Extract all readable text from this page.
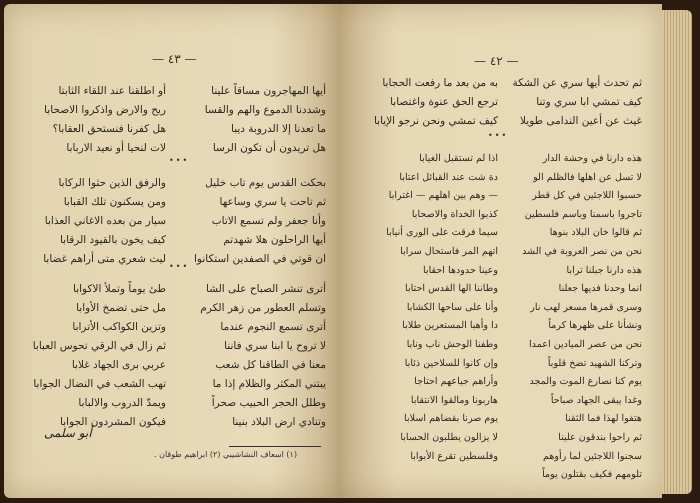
— ٤٣ —
أيها المهاجرون مساقاً علينا
وشددنا الدموع والهم والقسا
ما تعدنا إلا الدروبة ديبا
هل تريدون أن تكون الرسا
أو اطلقنا عند اللقاء الثابتا
ريح والارض واذكروا الاصحابا
هل كفرنا فنستحق العقابا؟
لات لنحيا أو نعيد الاربابا
•••
بحكت القدس يوم تاب خليل
ثم تاحت يا سري وساعها
وأنا جعفر ولم تسمع الاتاب
أيها الراحلون هلا شهدتم
ان قوتي في الصفدين استكانوا
والرفق الذين حثوا الركابا
ومن يسكنون تلك القبابا
سيار من بعده الاغاني العذابا
كيف يخون بالقيود الرقابا
ليت شعري متى أراهم غضابا
•••
أترى تنشر الصباح على الشا
وتسلم العطور من زهر الكرم
أترى تسمع النجوم عندما
لا تروح يا ابنا سري فاننا
معنا في الطاقنا كل شعب
يبتني المكثر والظلام إذا ما
وطلل الحجر الحبيب صحراً
وتنادي ارض البلاد بنينا
طئ يوماً وتملأ الاكوابا
مل حتى تضمخ الأوابا
وتزين الكواكب الأترابا
ثم زال في الرقي تحوس العبابا
عربي برى الجهاد غلابا
تهب الشعب في النضال الجوابا
ويمدّ الدروب والالبابا
فيكون المشردون الجوابا
أبو سلمى
(١) اسعاف النشاشيبي (٢) ابراهيم طوقان .
— ٤٢ —
ثم تحدث أيها سري عن الشكة
كيف تمشي ابا سري وتنا
غيث عن أعين الندامى طويلا
به من بعد ما رفعت الحجابا
ترجع الحق عنوة واغتصابا
كيف تمشي ونحن نرجو الإيابا
•••
هذه دارنا في وحشة الدار
لا تسل عن اهلها فالظلم الو
حسبوا اللاجئين في كل قطر
تاجروا باسمنا وباسم فلسطين
ثم قالوا خان البلاد بنوها
نحن من نصر العروبة في الشد
هذه دارنا جبلنا ترابا
انما وحدنا فديها جعلنا
وسرى قمرها مسعر لهب نار
ونشأنا على ظهرها كرماً
نحن من عصر الميادين اعمدا
وتركنا الشهيد تضخ قلوباً
يوم كنا نصارع الموت والمجد
وغدا يبقى الجهاد صباحاً
هتفوا لهذا فما الثقنا
ثم راحوا بندقون علينا
سجنوا اللاجئين لما رأوهم
تلومهم فكيف بقتلون يوماً
اذا لم تستقبل الغيابا
دة شت عند القبائل اعتابا
— وهم بين اهلهم — اغترابا
كذبوا الخداة والاصحابا
سيما فرقت على الورى أنيابا
اتهم المر فاستحال سرابا
وعينا حدودها احقابا
وطاننا الها القدس احتابا
وأنا على ساحها الكشابا
دا وأهبا المستعرين طلابا
وطفنا الوحش ناب ونابا
وإن كانوا للسلاحين ذئابا
وأراهم جياعهم احتاجا
هاربونا ومالقوا الانتقابا
يوم صرنا بقضاهم اسلابا
لا يزالون يطلبون الحسابا
وفلسطين تقرع الأبوابا
